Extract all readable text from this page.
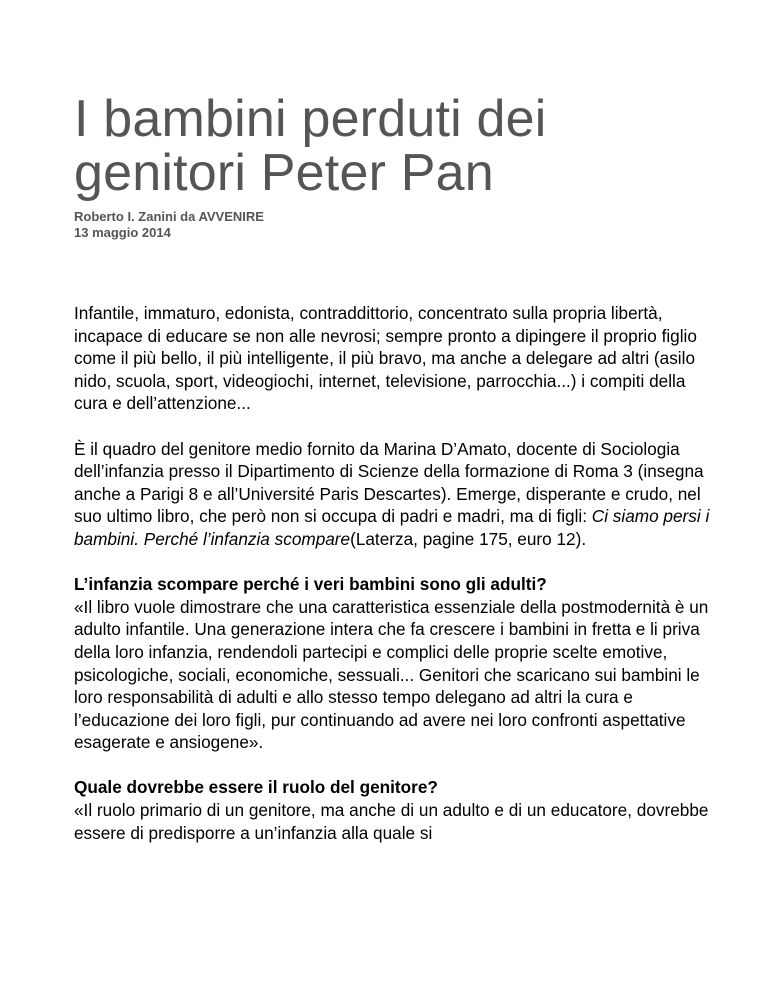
I bambini perduti dei
genitori Peter Pan
Roberto I. Zanini da AVVENIRE
13 maggio 2014

Infantile, immaturo, edonista, contraddittorio, concentrato sulla propria libertà, incapace di educare se non alle nevrosi; sempre pronto a dipingere il proprio figlio come il più bello, il più intelligente, il più bravo, ma anche a delegare ad altri (asilo nido, scuola, sport, videogiochi, internet, televisione, parrocchia...) i compiti della cura e dell’attenzione...

È il quadro del genitore medio fornito da Marina D’Amato, docente di Sociologia dell’infanzia presso il Dipartimento di Scienze della formazione di Roma 3 (insegna anche a Parigi 8 e all’Université Paris Descartes). Emerge, disperante e crudo, nel suo ultimo libro, che però non si occupa di padri e madri, ma di figli: Ci siamo persi i bambini. Perché l’infanzia scompare(Laterza, pagine 175, euro 12).

L’infanzia scompare perché i veri bambini sono gli adulti?
«Il libro vuole dimostrare che una caratteristica essenziale della postmodernità è un adulto infantile. Una generazione intera che fa crescere i bambini in fretta e li priva della loro infanzia, rendendoli partecipi e complici delle proprie scelte emotive, psicologiche, sociali, economiche, sessuali... Genitori che scaricano sui bambini le loro responsabilità di adulti e allo stesso tempo delegano ad altri la cura e l’educazione dei loro figli, pur continuando ad avere nei loro confronti aspettative esagerate e ansiogene».

Quale dovrebbe essere il ruolo del genitore?
«Il ruolo primario di un genitore, ma anche di un adulto e di un educatore, dovrebbe essere di predisporre a un’infanzia alla quale si
